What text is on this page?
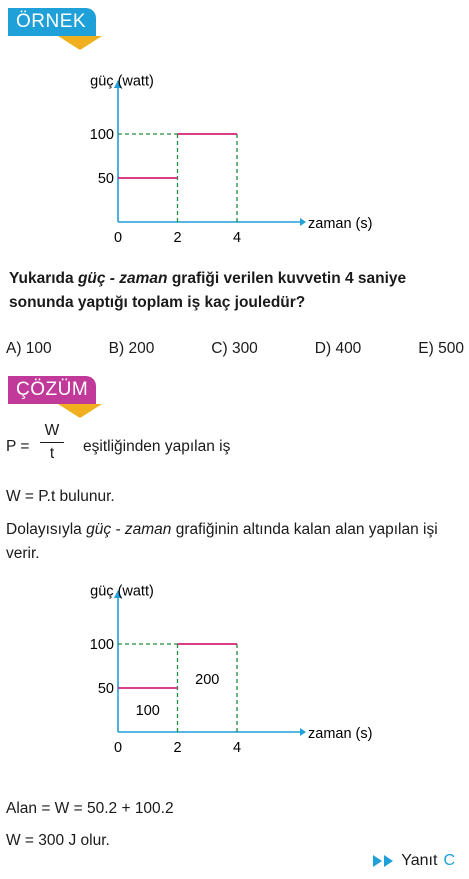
ÖRNEK
güç (watt)
zaman (s)
0	2	4
50
100
Yukarıda güç - zaman grafiği verilen kuvvetin 4 saniye sonunda yaptığı toplam iş kaç jouledür?
A) 100	B) 200	C) 300	D) 400	E) 500
ÇÖZÜM
P =
W
t	eşitliğinden yapılan iş
W = P.t bulunur.
Dolayısıyla güç - zaman grafiğinin altında kalan alan yapılan işi verir.
güç (watt)
zaman (s)
0	2	4
50
100
100
200
Alan = W = 50.2 + 100.2
W = 300 J olur.
Yanıt C
